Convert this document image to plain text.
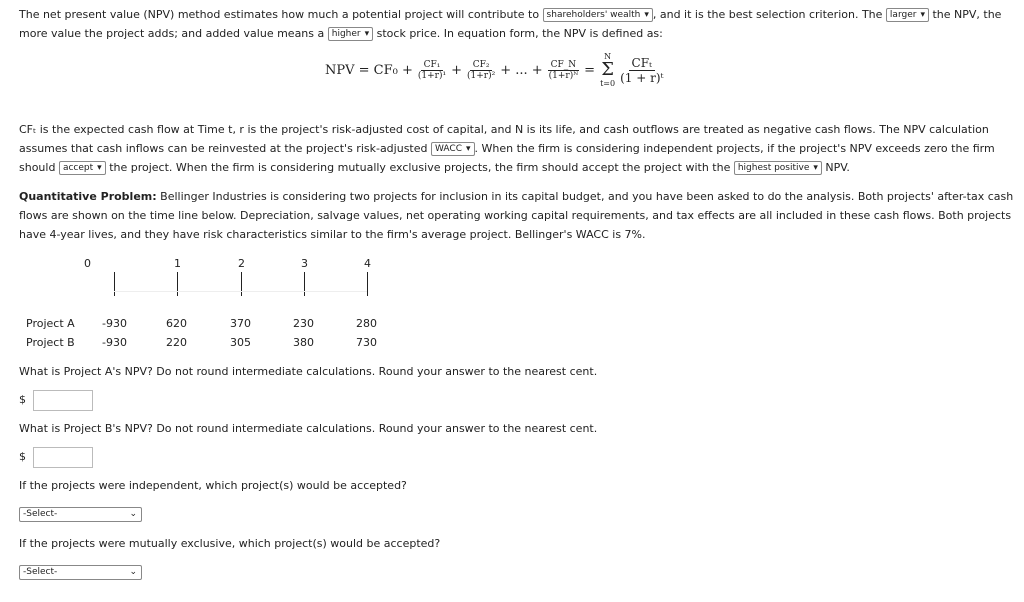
The net present value (NPV) method estimates how much a potential project will contribute to shareholders' wealth ▾ , and it is the best selection criterion. The larger ▾ the NPV, the more value the project adds; and added value means a higher ▾ stock price. In equation form, the NPV is defined as:
NPV = $CF_0 + \frac{\text{CF₁}}{\text{(1+r)¹}} + \frac{\text{CF₂}}{\text{(1+r)²}}$ + ... + $\frac{CF\_N}{\text{(1+r)ᴺ}}$ =
N
Σ
$t=0 \frac{\text{CFₜ}}{\text{(1 + r)ᵗ}}$
CFₜ is the expected cash flow at Time t, r is the project's risk-adjusted cost of capital, and N is its life, and cash outflows are treated as negative cash flows. The NPV calculation assumes that cash inflows can be reinvested at the project's risk-adjusted WACC ▾ . When the firm is considering independent projects, if the project's NPV exceeds zero the firm should accept ▾ the project. When the firm is considering mutually exclusive projects, the firm should accept the project with the highest positive ▾ NPV.
Quantitative Problem: Bellinger Industries is considering two projects for inclusion in its capital budget, and you have been asked to do the analysis. Both projects' after-tax cash flows are shown on the time line below. Depreciation, salvage values, net operating working capital requirements, and tax effects are all included in these cash flows. Both projects have 4-year lives, and they have risk characteristics similar to the firm's average project. Bellinger's WACC is 7%.
0	1	2	3	4
Project A -930	620	370	230	280
Project B -930	220	305	380	730
What is Project A's NPV? Do not round intermediate calculations. Round your answer to the nearest cent.
$
What is Project B's NPV? Do not round intermediate calculations. Round your answer to the nearest cent.
$
If the projects were independent, which project(s) would be accepted?
-Select-	⌄
If the projects were mutually exclusive, which project(s) would be accepted?
-Select-	⌄
